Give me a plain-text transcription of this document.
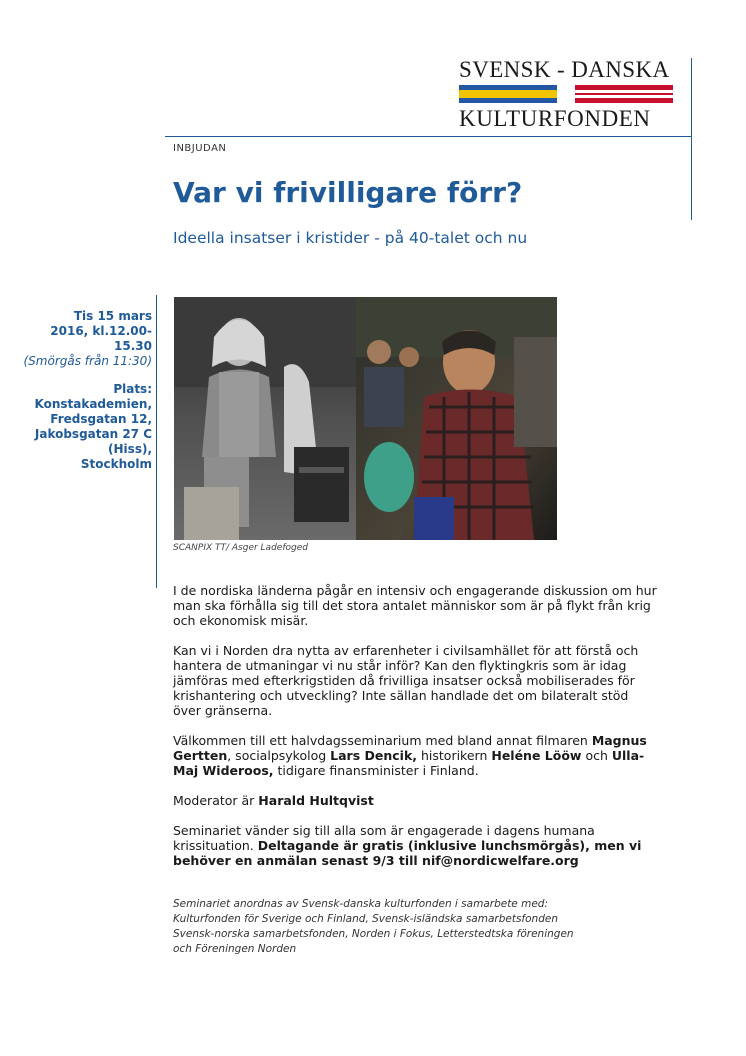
SVENSK - DANSKA
KULTURFONDEN
INBJUDAN
Var vi frivilligare förr?
Ideella insatser i kristider - på 40-talet och nu
Tis 15 mars
2016, kl.12.00-
15.30
(Smörgås från 11:30)
Plats:
Konstakademien,
Fredsgatan 12,
Jakobsgatan 27 C
(Hiss),
Stockholm
SCANPIX TT/ Asger Ladefoged

I de nordiska länderna pågår en intensiv och engagerande diskussion om hur man ska förhålla sig till det stora antalet människor som är på flykt från krig och ekonomisk misär.

Kan vi i Norden dra nytta av erfarenheter i civilsamhället för att förstå och hantera de utmaningar vi nu står inför? Kan den flyktingkris som är idag jämföras med efterkrigstiden då frivilliga insatser också mobiliserades för krishantering och utveckling? Inte sällan handlade det om bilateralt stöd över gränserna.

Välkommen till ett halvdagsseminarium med bland annat filmaren Magnus Gertten, socialpsykolog Lars Dencik, historikern Heléne Lööw och Ulla-Maj Wideroos, tidigare finansminister i Finland.

Moderator är Harald Hultqvist

Seminariet vänder sig till alla som är engagerade i dagens humana krissituation. Deltagande är gratis (inklusive lunchsmörgås), men vi behöver en anmälan senast 9/3 till nif@nordicwelfare.org

Seminariet anordnas av Svensk-danska kulturfonden i samarbete med:
Kulturfonden för Sverige och Finland, Svensk-isländska samarbetsfonden
Svensk-norska samarbetsfonden, Norden i Fokus, Letterstedtska föreningen
och Föreningen Norden
